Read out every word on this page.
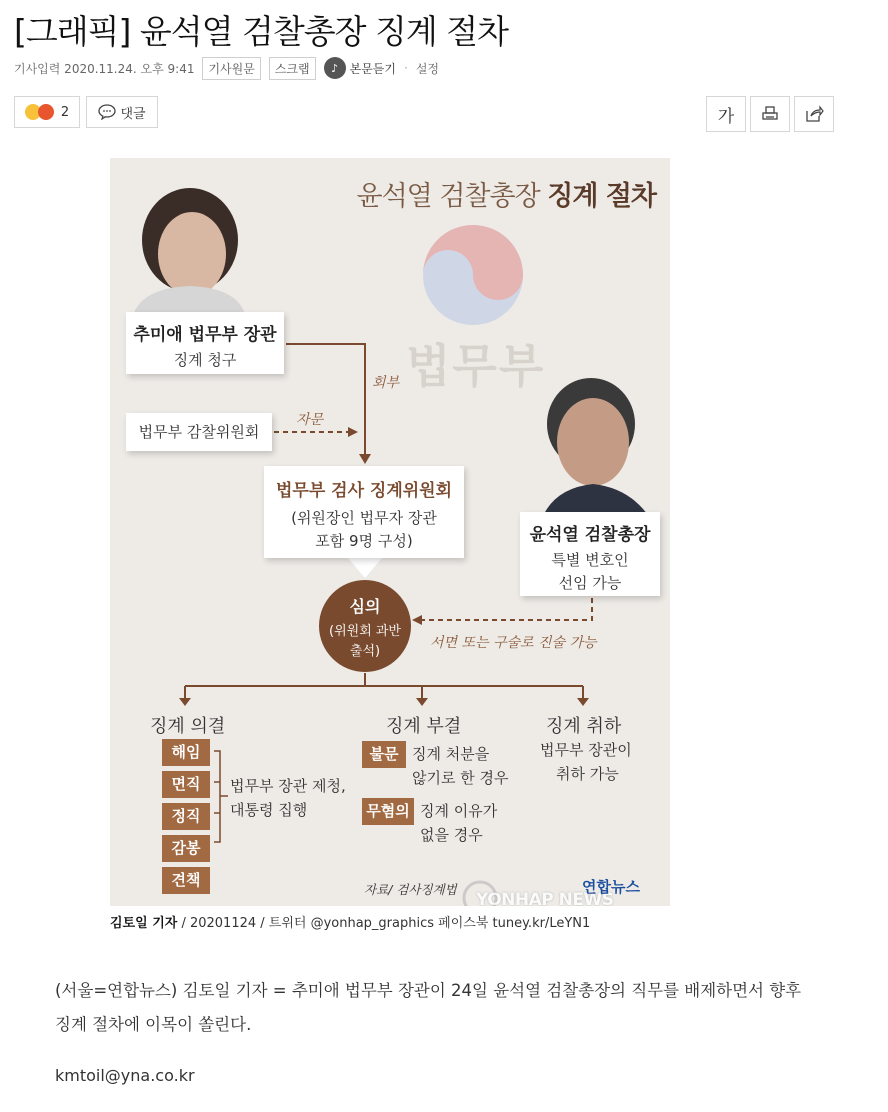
[그래픽] 윤석열 검찰총장 징계 절차
기사입력 2020.11.24. 오후 9:41	기사원문	스크랩	♪ 본문듣기 · 설정
2	댓글	가
윤석열 검찰총장 징계 절차
법무부
추미애 법무부 장관
징계 청구
회부
법무부 감찰위원회
자문
법무부 검사 징계위원회
(위원장인 법무자 장관
포함 9명 구성)	윤석열 검찰총장
특별 변호인
선임 가능
심의
(위원회 과반
출석)
서면 또는 구술로 진술 가능
징계 의결	징계 부결	징계 취하
해임
면직
정직
감봉
견책
법무부 장관 제청,
대통령 집행
불문 징계 처분을
않기로 한 경우
무혐의 징계 이유가
없을 경우
법무부 장관이
취하 가능
자료/ 검사징계법
YONHAP NEWS
연합뉴스
김토일 기자 / 20201124 / 트위터 @yonhap_graphics 페이스북 tuney.kr/LeYN1
(서울=연합뉴스) 김토일 기자 = 추미애 법무부 장관이 24일 윤석열 검찰총장의 직무를 배제하면서 향후 징계 절차에 이목이 쏠린다.
kmtoil@yna.co.kr
